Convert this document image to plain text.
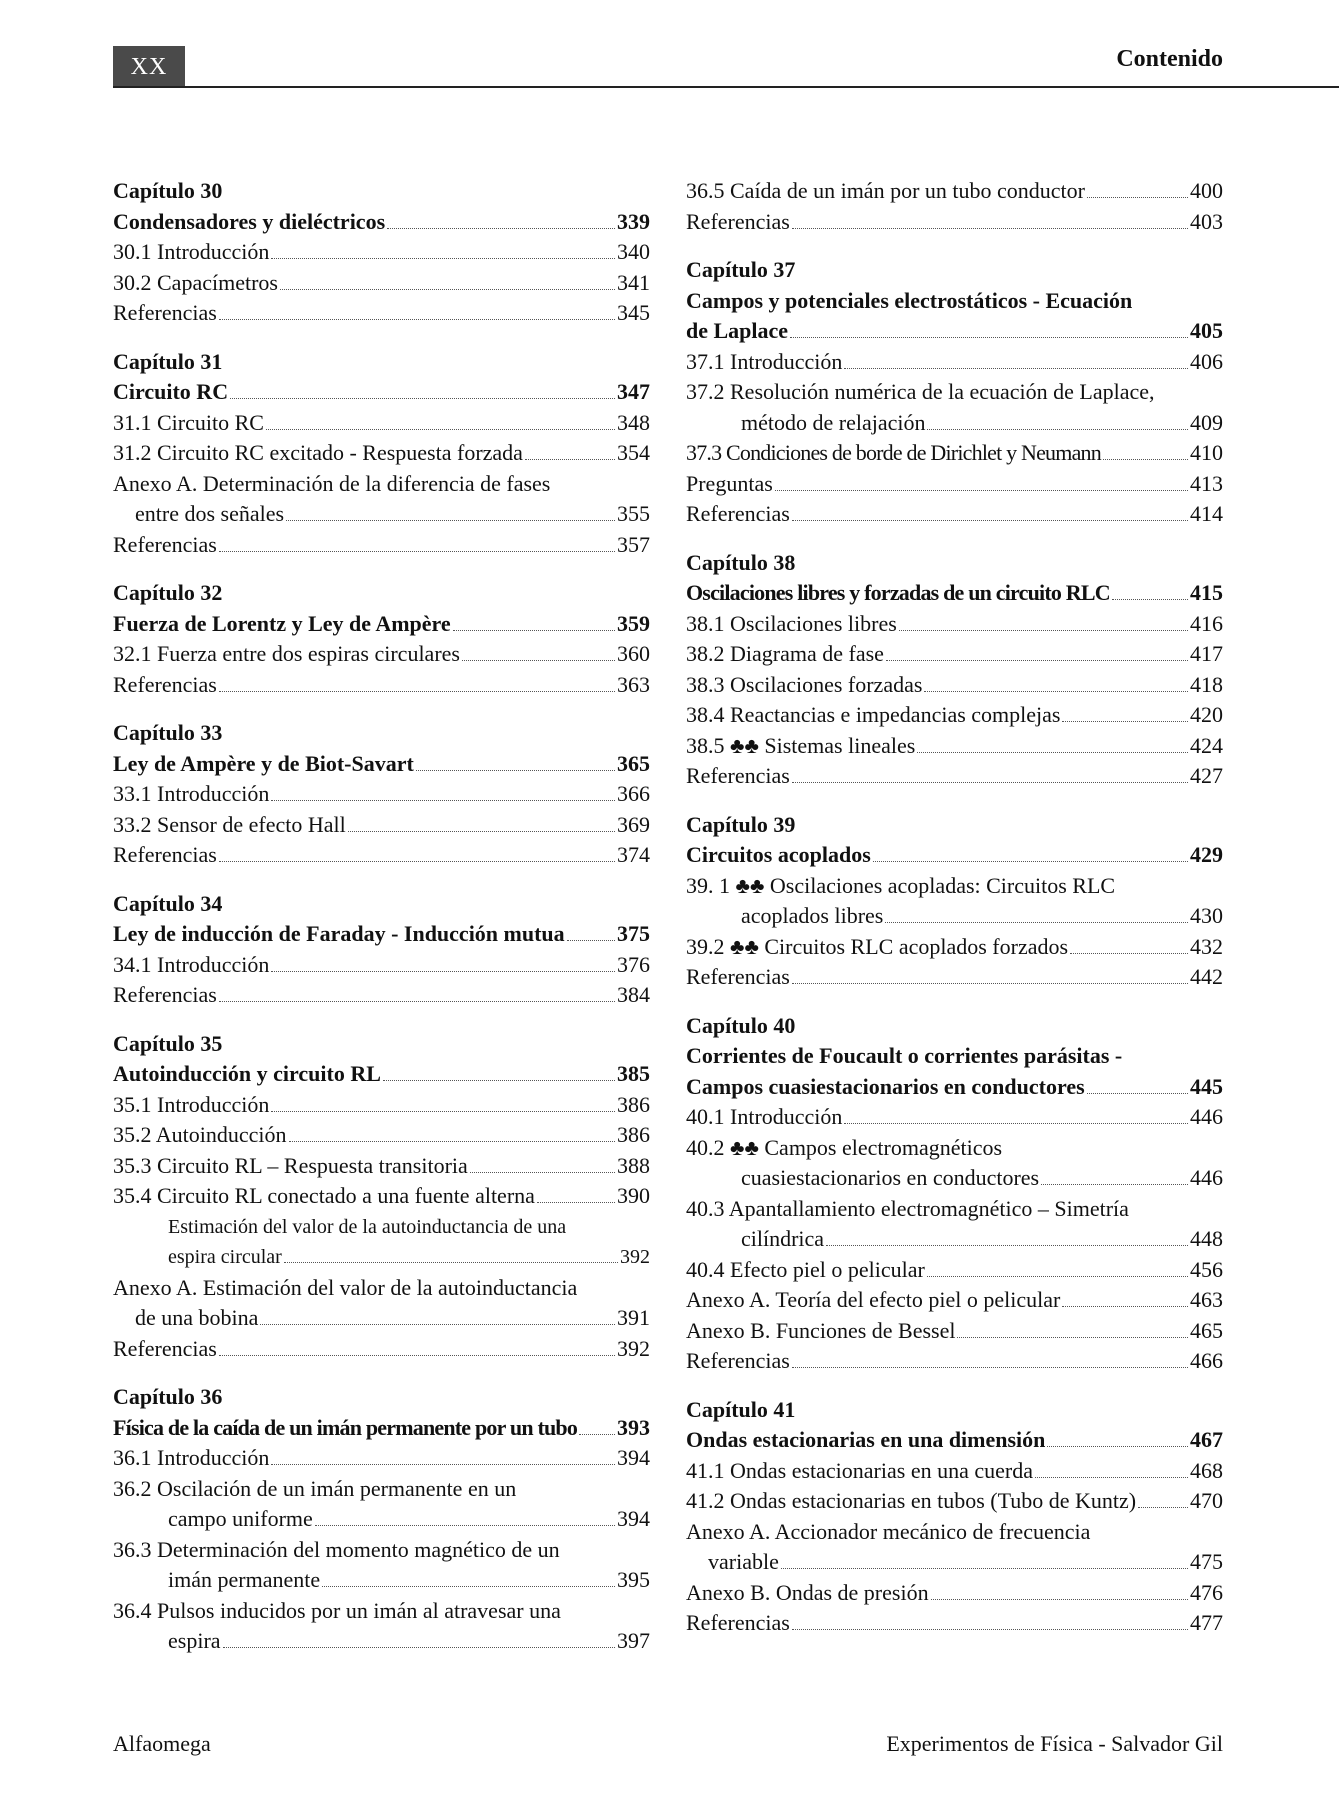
XX	Contenido
Capítulo 30
Condensadores y dieléctricos	339
30.1 Introducción	340
30.2 Capacímetros	341
Referencias	345
Capítulo 31
Circuito RC	347
31.1 Circuito RC	348
31.2 Circuito RC excitado - Respuesta forzada	354
Anexo A. Determinación de la diferencia de fases
entre dos señales	355
Referencias	357
Capítulo 32
Fuerza de Lorentz y Ley de Ampère	359
32.1 Fuerza entre dos espiras circulares	360
Referencias	363
Capítulo 33
Ley de Ampère y de Biot-Savart	365
33.1 Introducción	366
33.2 Sensor de efecto Hall	369
Referencias	374
Capítulo 34
Ley de inducción de Faraday - Inducción mutua 375
34.1 Introducción	376
Referencias	384
Capítulo 35
Autoinducción y circuito RL	385
35.1 Introducción	386
35.2 Autoinducción	386
35.3 Circuito RL – Respuesta transitoria	388
35.4 Circuito RL conectado a una fuente alterna	390
Estimación del valor de la autoinductancia de una
espira circular	392
Anexo A. Estimación del valor de la autoinductancia
de una bobina	391
Referencias	392
Capítulo 36
Física de la caída de un imán permanente por un tubo 393
36.1 Introducción	394
36.2 Oscilación de un imán permanente en un
campo uniforme	394
36.3 Determinación del momento magnético de un
imán permanente	395
36.4 Pulsos inducidos por un imán al atravesar una
espira	397
36.5 Caída de un imán por un tubo conductor	400
Referencias	403
Capítulo 37
Campos y potenciales electrostáticos - Ecuación
de Laplace	405
37.1 Introducción	406
37.2 Resolución numérica de la ecuación de Laplace,
método de relajación	409
37.3 Condiciones de borde de Dirichlet y Neumann	410
Preguntas	413
Referencias	414
Capítulo 38
Oscilaciones libres y forzadas de un circuito RLC	415
38.1 Oscilaciones libres	416
38.2 Diagrama de fase	417
38.3 Oscilaciones forzadas	418
38.4 Reactancias e impedancias complejas	420
38.5 ♣♣ Sistemas lineales	424
Referencias	427
Capítulo 39
Circuitos acoplados	429
39. 1 ♣♣ Oscilaciones acopladas: Circuitos RLC
acoplados libres	430
39.2 ♣♣ Circuitos RLC acoplados forzados	432
Referencias	442
Capítulo 40
Corrientes de Foucault o corrientes parásitas -
Campos cuasiestacionarios en conductores	445
40.1 Introducción	446
40.2 ♣♣ Campos electromagnéticos
cuasiestacionarios en conductores	446
40.3 Apantallamiento electromagnético – Simetría
cilíndrica	448
40.4 Efecto piel o pelicular	456
Anexo A. Teoría del efecto piel o pelicular	463
Anexo B. Funciones de Bessel	465
Referencias	466
Capítulo 41
Ondas estacionarias en una dimensión	467
41.1 Ondas estacionarias en una cuerda	468
41.2 Ondas estacionarias en tubos (Tubo de Kuntz) 470
Anexo A. Accionador mecánico de frecuencia
variable	475
Anexo B. Ondas de presión	476
Referencias	477
Alfaomega	Experimentos de Física - Salvador Gil
